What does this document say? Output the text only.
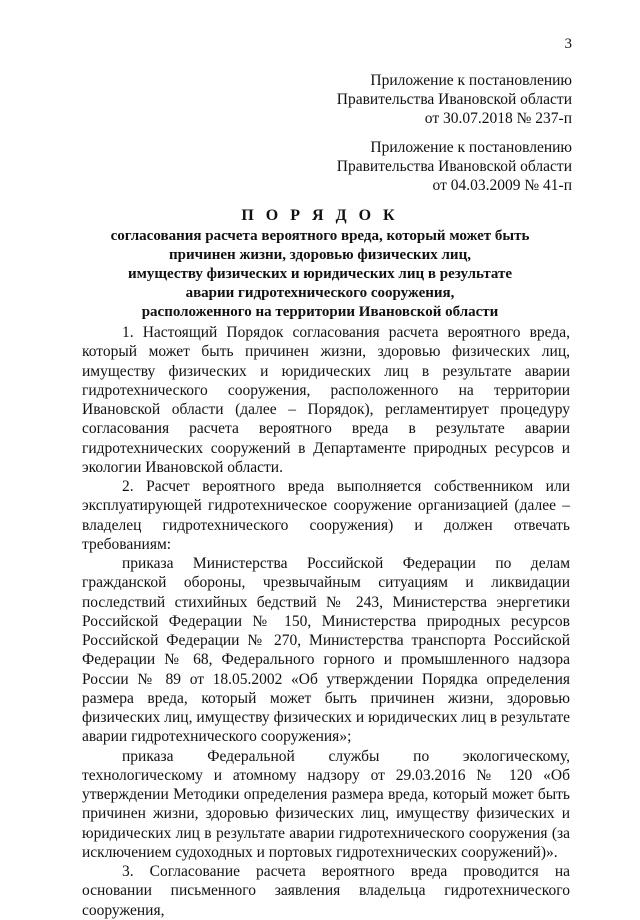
3
Приложение к постановлению
Правительства Ивановской области
от 30.07.2018 № 237-п
Приложение к постановлению
Правительства Ивановской области
от 04.03.2009 № 41-п
П О Р Я Д О К
согласования расчета вероятного вреда, который может быть
причинен жизни, здоровью физических лиц,
имуществу физических и юридических лиц в результате
аварии гидротехнического сооружения,
расположенного на территории Ивановской области

1. Настоящий Порядок согласования расчета вероятного вреда, который может быть причинен жизни, здоровью физических лиц, имуществу физических и юридических лиц в результате аварии гидротехнического сооружения, расположенного на территории Ивановской области (далее – Порядок), регламентирует процедуру согласования расчета вероятного вреда в результате аварии гидротехнических сооружений в Департаменте природных ресурсов и экологии Ивановской области.

2. Расчет вероятного вреда выполняется собственником или эксплуатирующей гидротехническое сооружение организацией (далее – владелец гидротехнического сооружения) и должен отвечать требованиям:

приказа Министерства Российской Федерации по делам гражданской обороны, чрезвычайным ситуациям и ликвидации последствий стихийных бедствий № 243, Министерства энергетики Российской Федерации № 150, Министерства природных ресурсов Российской Федерации № 270, Министерства транспорта Российской Федерации № 68, Федерального горного и промышленного надзора России № 89 от 18.05.2002 «Об утверждении Порядка определения размера вреда, который может быть причинен жизни, здоровью физических лиц, имуществу физических и юридических лиц в результате аварии гидротехнического сооружения»;

приказа Федеральной службы по экологическому, технологическому и атомному надзору от 29.03.2016 № 120 «Об утверждении Методики определения размера вреда, который может быть причинен жизни, здоровью физических лиц, имуществу физических и юридических лиц в результате аварии гидротехнического сооружения (за исключением судоходных и портовых гидротехнических сооружений)».

3. Согласование расчета вероятного вреда проводится на основании письменного заявления владельца гидротехнического сооружения,
